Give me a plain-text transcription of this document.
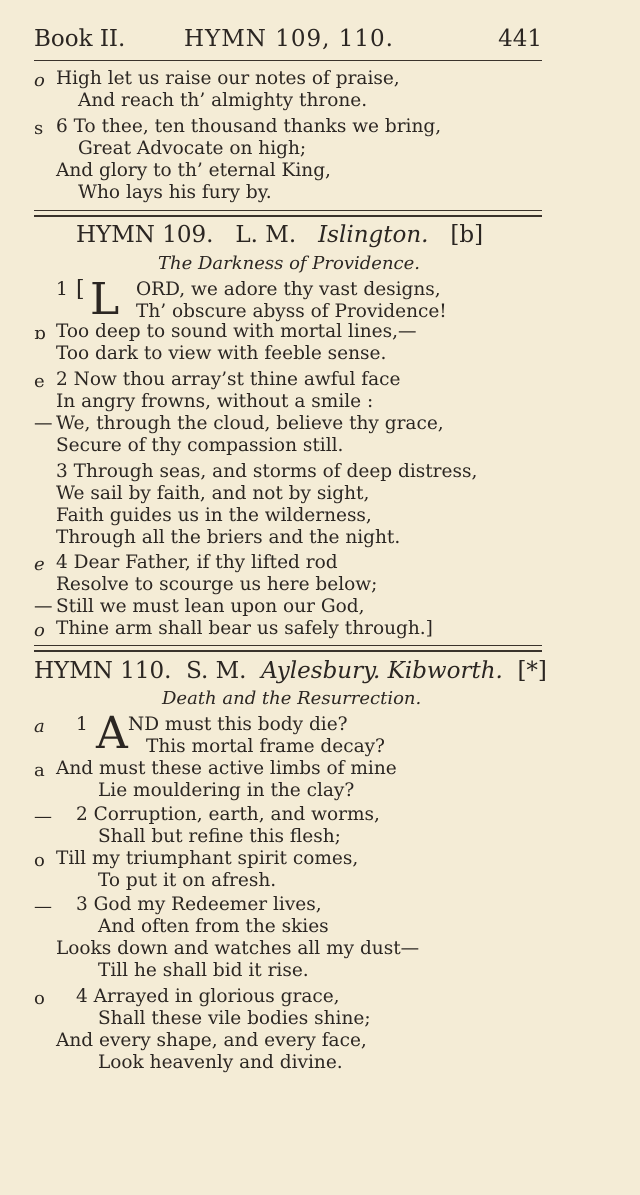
Book II.	HYMN 109, 110.	441
o High let us raise our notes of praise,
And reach th’ almighty throne.
s 6 To thee, ten thousand thanks we bring,
Great Advocate on high;
And glory to th’ eternal King,
Who lays his fury by.
HYMN 109. L. M. Islington. [b]
The Darkness of Providence.
1 [ L ORD, we adore thy vast designs,
Th’ obscure abyss of Providence!
ɒ Too deep to sound with mortal lines,—
Too dark to view with feeble sense.
e 2 Now thou array’st thine awful face
In angry frowns, without a smile :
— We, through the cloud, believe thy grace,
Secure of thy compassion still.
3 Through seas, and storms of deep distress,
We sail by faith, and not by sight,
Faith guides us in the wilderness,
Through all the briers and the night.
e 4 Dear Father, if thy lifted rod
Resolve to scourge us here below;
— Still we must lean upon our God,
o Thine arm shall bear us safely through.]
HYMN 110. S. M. Aylesbury. Kibworth. [*]
Death and the Resurrection.
a 1 A ND must this body die?
This mortal frame decay?
a And must these active limbs of mine
Lie mouldering in the clay?
— 2 Corruption, earth, and worms,
Shall but refine this flesh;
o Till my triumphant spirit comes,
To put it on afresh.
— 3 God my Redeemer lives,
And often from the skies
Looks down and watches all my dust—
Till he shall bid it rise.
o 4 Arrayed in glorious grace,
Shall these vile bodies shine;
And every shape, and every face,
Look heavenly and divine.
